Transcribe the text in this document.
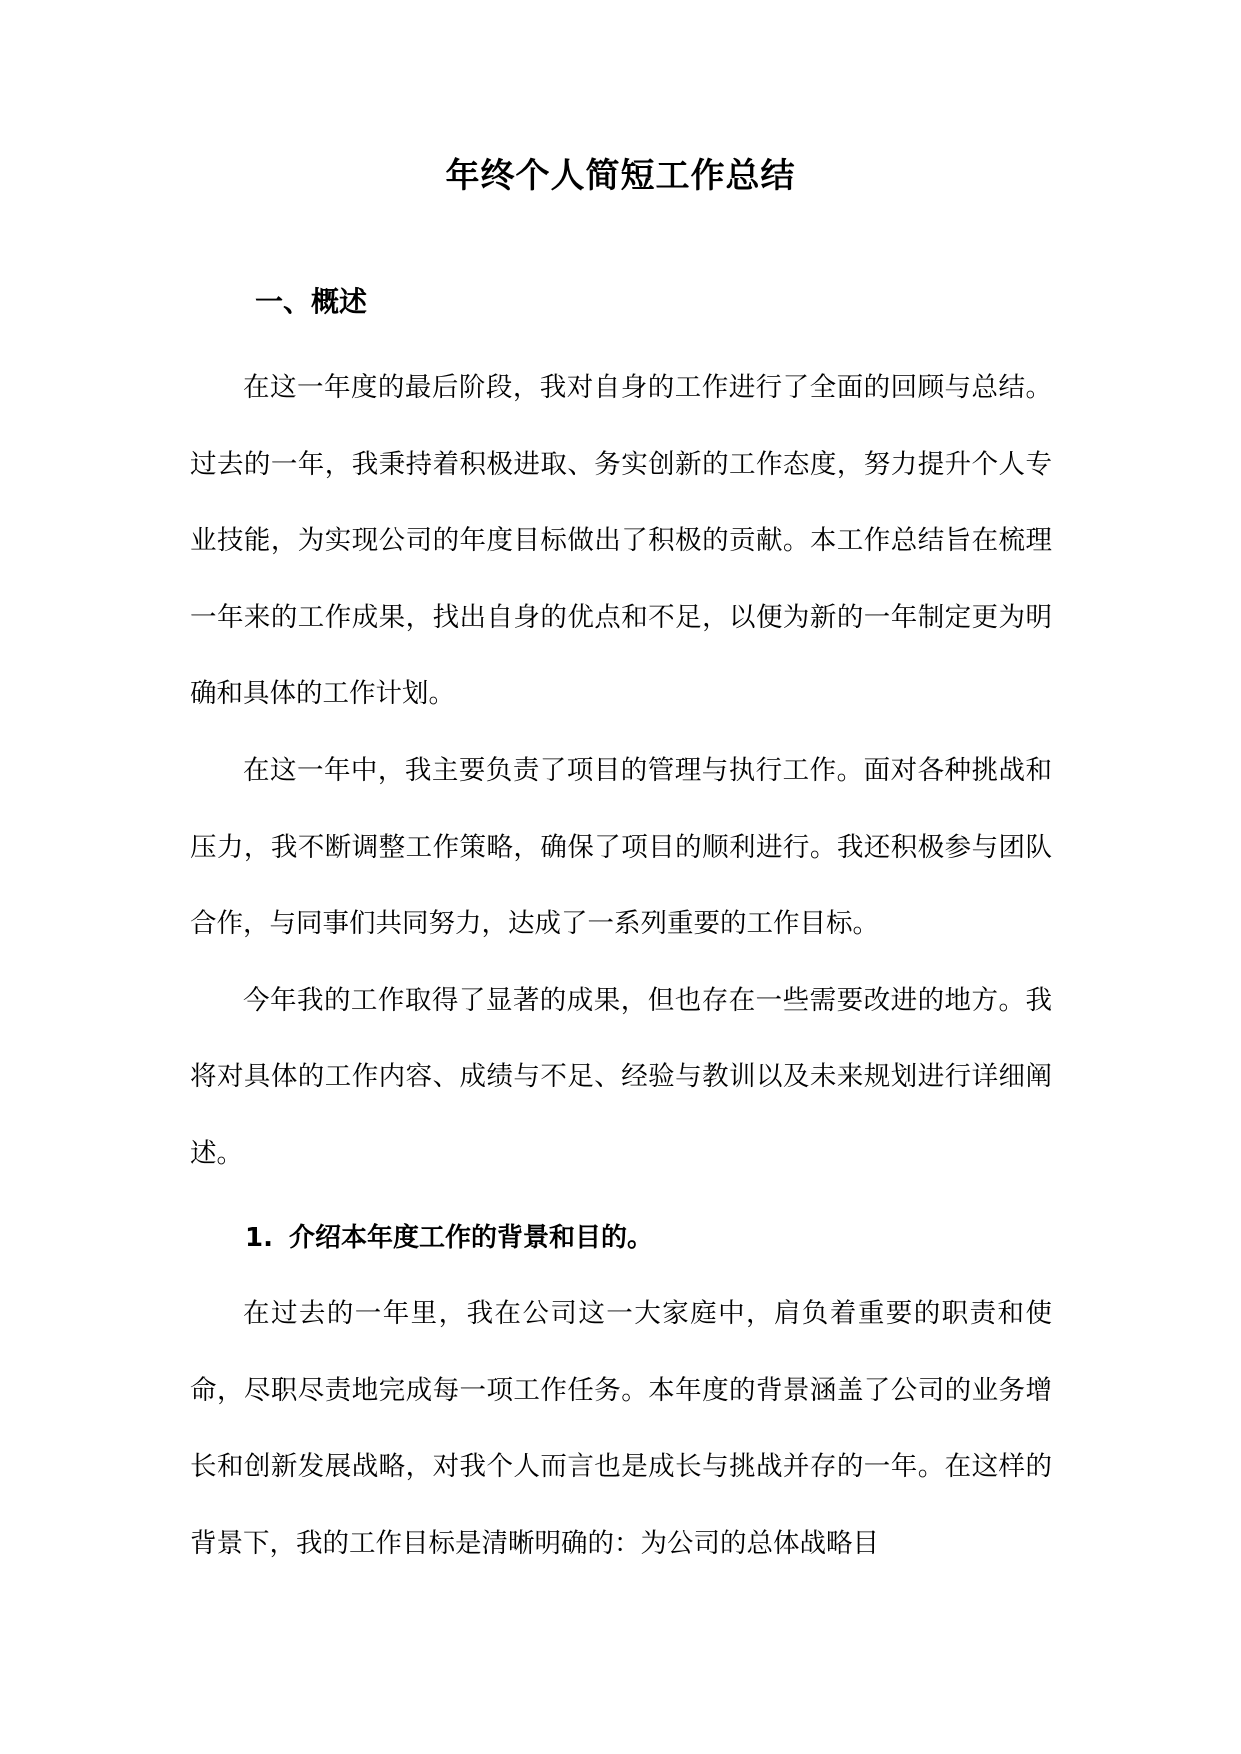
年终个人简短工作总结
一、概述

在这一年度的最后阶段，我对自身的工作进行了全面的回顾与总结。过去的一年，我秉持着积极进取、务实创新的工作态度，努力提升个人专业技能，为实现公司的年度目标做出了积极的贡献。本工作总结旨在梳理一年来的工作成果，找出自身的优点和不足，以便为新的一年制定更为明确和具体的工作计划。

在这一年中，我主要负责了项目的管理与执行工作。面对各种挑战和压力，我不断调整工作策略，确保了项目的顺利进行。我还积极参与团队合作，与同事们共同努力，达成了一系列重要的工作目标。

今年我的工作取得了显著的成果，但也存在一些需要改进的地方。我将对具体的工作内容、成绩与不足、经验与教训以及未来规划进行详细阐述。

1. 介绍本年度工作的背景和目的。

在过去的一年里，我在公司这一大家庭中，肩负着重要的职责和使命，尽职尽责地完成每一项工作任务。本年度的背景涵盖了公司的业务增长和创新发展战略，对我个人而言也是成长与挑战并存的一年。在这样的背景下，我的工作目标是清晰明确的：为公司的总体战略目
